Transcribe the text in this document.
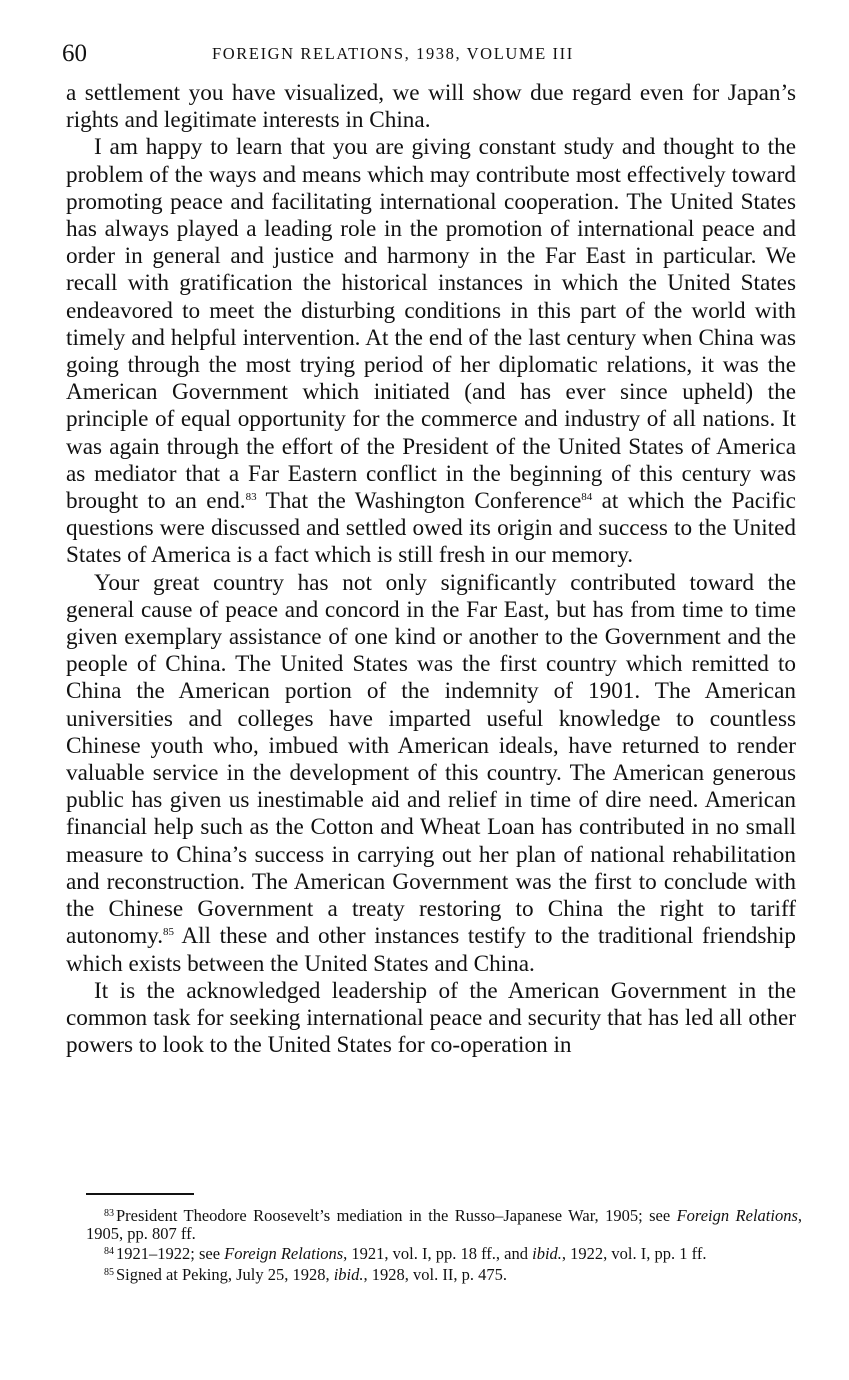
60	FOREIGN RELATIONS, 1938, VOLUME III

a settlement you have visualized, we will show due regard even for Japan’s rights and legitimate interests in China.

I am happy to learn that you are giving constant study and thought to the problem of the ways and means which may contribute most effectively toward promoting peace and facilitating international cooperation. The United States has always played a leading role in the promotion of international peace and order in general and justice and harmony in the Far East in particular. We recall with gratification the historical instances in which the United States endeavored to meet the disturbing conditions in this part of the world with timely and helpful intervention. At the end of the last century when China was going through the most trying period of her diplomatic relations, it was the American Government which initiated (and has ever since upheld) the principle of equal opportunity for the commerce and industry of all nations. It was again through the effort of the President of the United States of America as mediator that a Far Eastern conflict in the beginning of this century was brought to an end.$^{83}$ That the Washington Conference$^{84}$ at which the Pacific questions were discussed and settled owed its origin and success to the United States of America is a fact which is still fresh in our memory.

Your great country has not only significantly contributed toward the general cause of peace and concord in the Far East, but has from time to time given exemplary assistance of one kind or another to the Government and the people of China. The United States was the first country which remitted to China the American portion of the indemnity of 1901. The American universities and colleges have imparted useful knowledge to countless Chinese youth who, imbued with American ideals, have returned to render valuable service in the development of this country. The American generous public has given us inestimable aid and relief in time of dire need. American financial help such as the Cotton and Wheat Loan has contributed in no small measure to China’s success in carrying out her plan of national rehabilitation and reconstruction. The American Government was the first to conclude with the Chinese Government a treaty restoring to China the right to tariff autonomy.$^{85}$ All these and other instances testify to the traditional friendship which exists between the United States and China.

It is the acknowledged leadership of the American Government in the common task for seeking international peace and security that has led all other powers to look to the United States for co-operation in

$^{83}$ President Theodore Roosevelt’s mediation in the Russo–Japanese War, 1905; see Foreign Relations, 1905, pp. 807 ff.

$^{84}$ 1921–1922; see Foreign Relations, 1921, vol. I, pp. 18 ff., and ibid., 1922, vol. I, pp. 1 ff.

$^{85}$ Signed at Peking, July 25, 1928, ibid., 1928, vol. II, p. 475.
